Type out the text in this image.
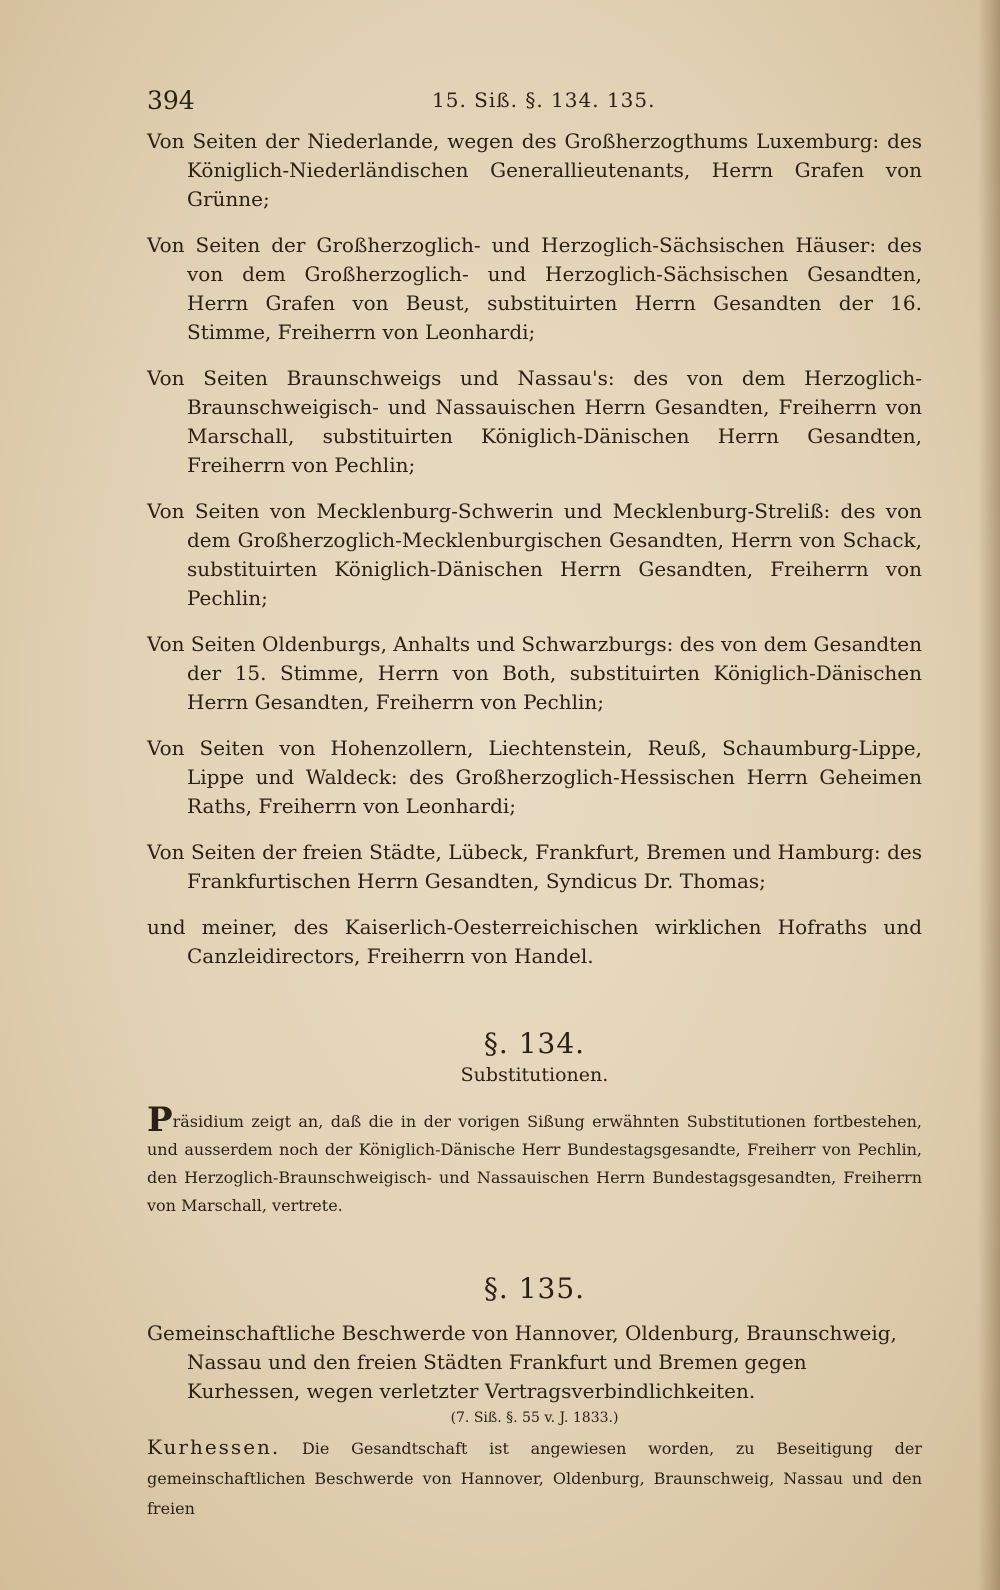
394	15. Siß. §. 134. 135.

Von Seiten der Niederlande, wegen des Großherzogthums Luxemburg: des Königlich-Niederländischen Generallieutenants, Herrn Grafen von Grünne;

Von Seiten der Großherzoglich- und Herzoglich-Sächsischen Häuser: des von dem Großherzoglich- und Herzoglich-Sächsischen Gesandten, Herrn Grafen von Beust, substituirten Herrn Gesandten der 16. Stimme, Freiherrn von Leonhardi;

Von Seiten Braunschweigs und Nassau's: des von dem Herzoglich-Braunschweigisch- und Nassauischen Herrn Gesandten, Freiherrn von Marschall, substituirten Königlich-Dänischen Herrn Gesandten, Freiherrn von Pechlin;

Von Seiten von Mecklenburg-Schwerin und Mecklenburg-Streliß: des von dem Großherzoglich-Mecklenburgischen Gesandten, Herrn von Schack, substituirten Königlich-Dänischen Herrn Gesandten, Freiherrn von Pechlin;

Von Seiten Oldenburgs, Anhalts und Schwarzburgs: des von dem Gesandten der 15. Stimme, Herrn von Both, substituirten Königlich-Dänischen Herrn Gesandten, Freiherrn von Pechlin;

Von Seiten von Hohenzollern, Liechtenstein, Reuß, Schaumburg-Lippe, Lippe und Waldeck: des Großherzoglich-Hessischen Herrn Geheimen Raths, Freiherrn von Leonhardi;

Von Seiten der freien Städte, Lübeck, Frankfurt, Bremen und Hamburg: des Frankfurtischen Herrn Gesandten, Syndicus Dr. Thomas;

und meiner, des Kaiserlich-Oesterreichischen wirklichen Hofraths und Canzleidirectors, Freiherrn von Handel.

§. 134.

Substitutionen.

Präsidium zeigt an, daß die in der vorigen Sißung erwähnten Substitutionen fortbestehen, und ausserdem noch der Königlich-Dänische Herr Bundestagsgesandte, Freiherr von Pechlin, den Herzoglich-Braunschweigisch- und Nassauischen Herrn Bundestagsgesandten, Freiherrn von Marschall, vertrete.

§. 135.

Gemeinschaftliche Beschwerde von Hannover, Oldenburg, Braunschweig, Nassau und den freien Städten Frankfurt und Bremen gegen Kurhessen, wegen verletzter Vertragsverbindlichkeiten.

(7. Siß. §. 55 v. J. 1833.)

Kurhessen. Die Gesandtschaft ist angewiesen worden, zu Beseitigung der gemeinschaftlichen Beschwerde von Hannover, Oldenburg, Braunschweig, Nassau und den freien
